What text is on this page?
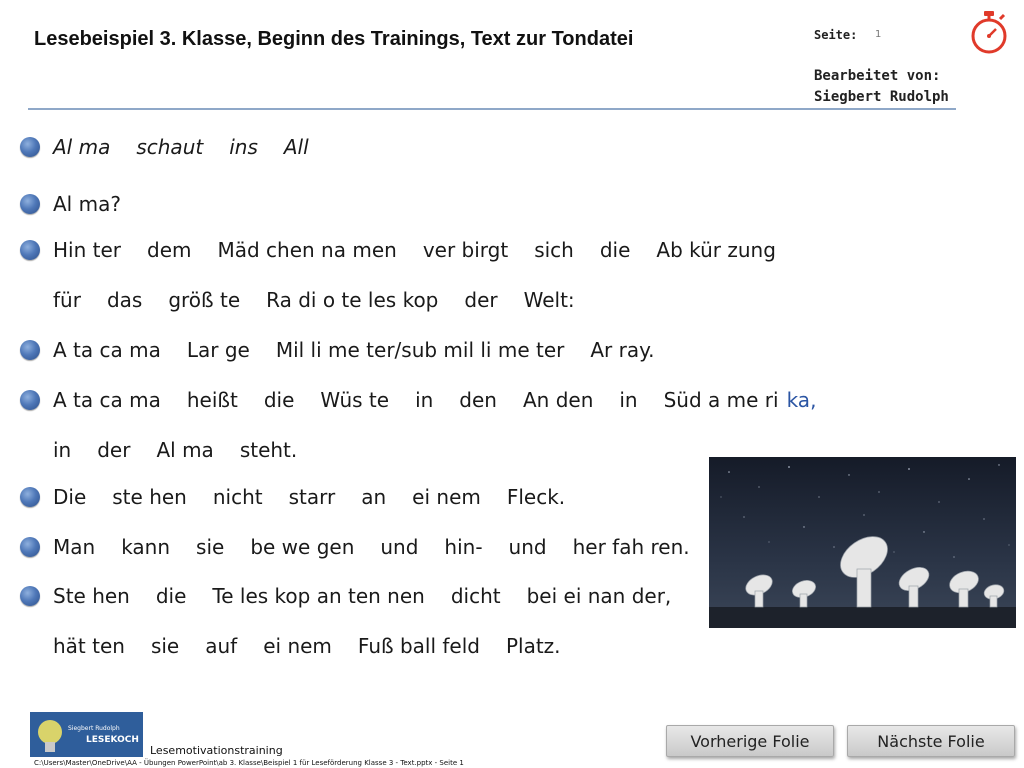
Lesebeispiel 3. Klasse, Beginn des Trainings, Text zur Tondatei	Seite: 1
Bearbeitet von:
Siegbert Rudolph
Al ma schaut ins All
Al ma?
Hin ter dem Mäd chen na men ver birgt sich die Ab kür zung
für das größ te Ra di o te les kop der Welt:
A ta ca ma Lar ge Mil li me ter/sub mil li me ter Ar ray.
A ta ca ma heißt die Wüs te in den An den in Süd a me ri ka,
in der Al ma steht.
Die ste hen nicht starr an ei nem Fleck.
Man kann sie be we gen und hin- und her fah ren.
Ste hen die Te les kop an ten nen dicht bei ei nan der,
hät ten sie auf ei nem Fuß ball feld Platz.
Siegbert Rudolph
LESEKOCH
Lesemotivationstraining
C:\Users\Master\OneDrive\AA - Übungen PowerPoint\ab 3. Klasse\Beispiel 1 für Leseförderung Klasse 3 - Text.pptx - Seite 1
Vorherige Folie	Nächste Folie
